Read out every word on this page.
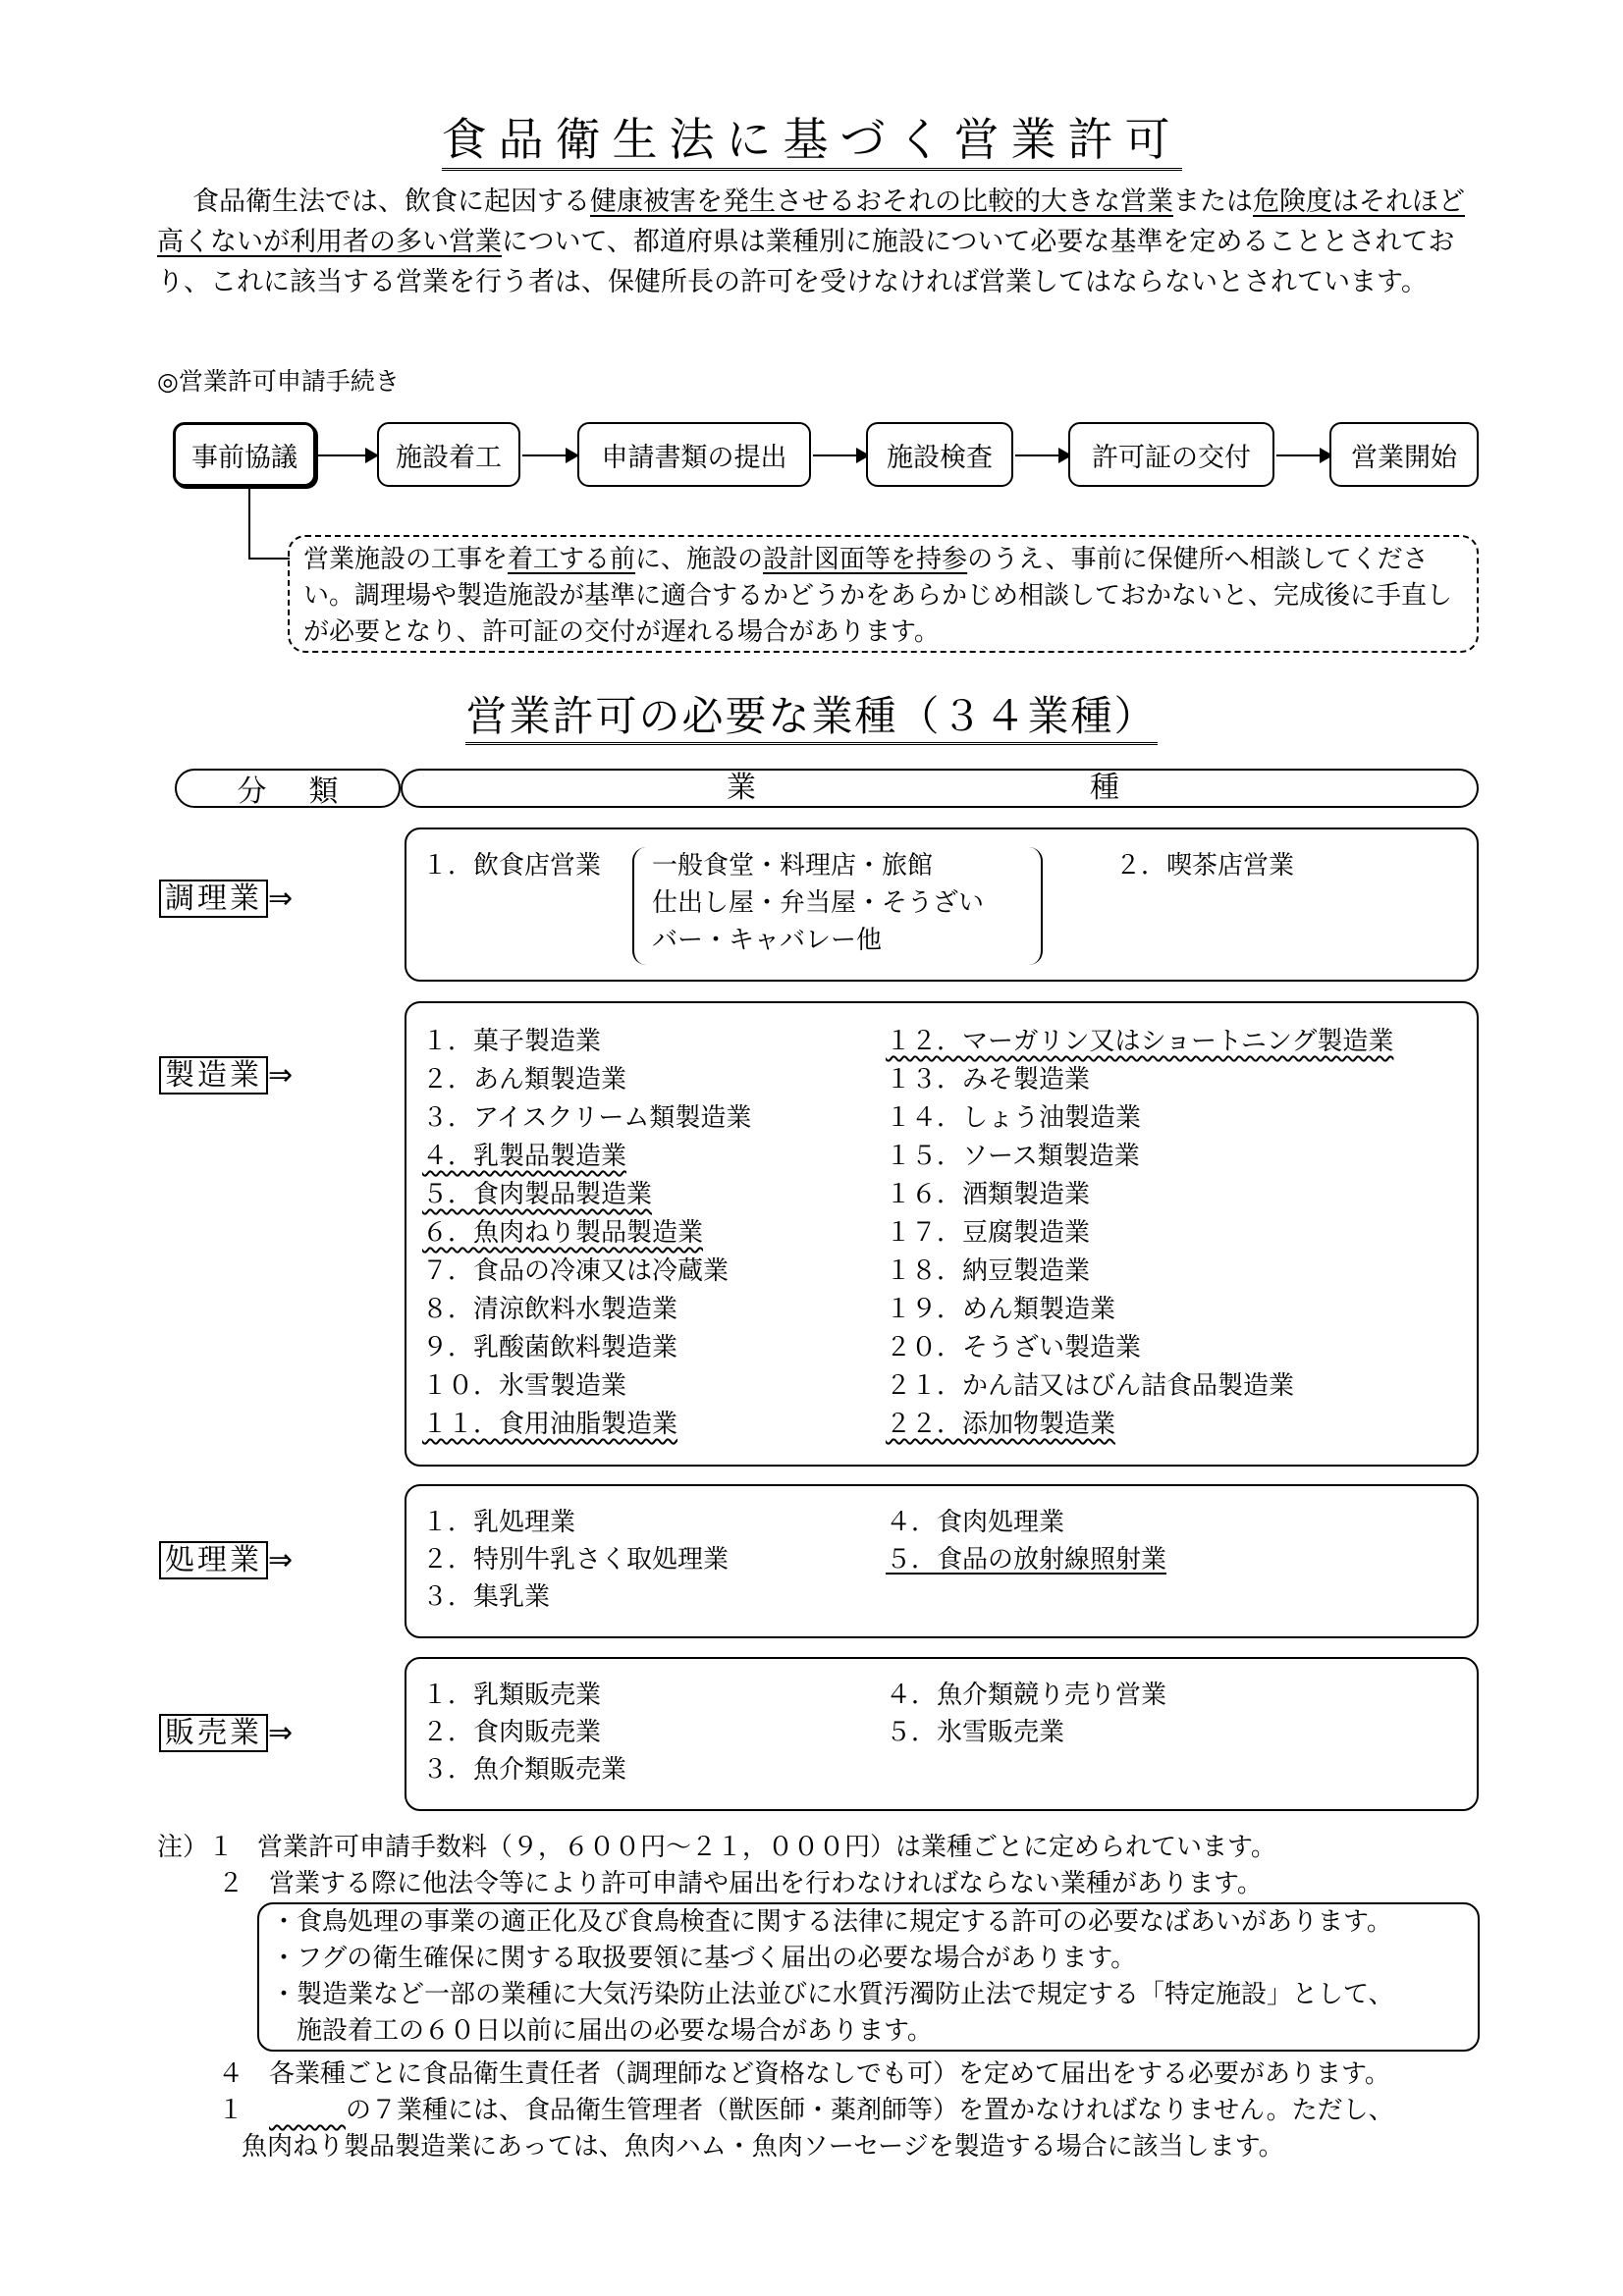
食品衛生法に基づく営業許可
食品衛生法では、飲食に起因する健康被害を発生させるおそれの比較的大きな営業または危険度はそれほど高くないが利用者の多い営業について、都道府県は業種別に施設について必要な基準を定めることとされており、これに該当する営業を行う者は、保健所長の許可を受けなければ営業してはならないとされています。
◎営業許可申請手続き
事前協議	施設着工	申請書類の提出	施設検査	許可証の交付	営業開始
営業施設の工事を着工する前に、施設の設計図面等を持参のうえ、事前に保健所へ相談してください。調理場や製造施設が基準に適合するかどうかをあらかじめ相談しておかないと、完成後に手直しが必要となり、許可証の交付が遅れる場合があります。
営業許可の必要な業種（３４業種）
分 類	業	種
調理業 ⇒
１．飲食店営業 一般食堂・料理店・旅館
仕出し屋・弁当屋・そうざい
バー・キャバレー他
２．喫茶店営業
製造業 ⇒
１．菓子製造業
２．あん類製造業
３．アイスクリーム類製造業
４．乳製品製造業
５．食肉製品製造業
６．魚肉ねり製品製造業
７．食品の冷凍又は冷蔵業
８．清涼飲料水製造業
９．乳酸菌飲料製造業
１０．氷雪製造業
１１．食用油脂製造業
１２．マーガリン又はショートニング製造業
１３．みそ製造業
１４．しょう油製造業
１５．ソース類製造業
１６．酒類製造業
１７．豆腐製造業
１８．納豆製造業
１９．めん類製造業
２０．そうざい製造業
２１．かん詰又はびん詰食品製造業
２２．添加物製造業
処理業 ⇒
１．乳処理業
２．特別牛乳さく取処理業
３．集乳業
４．食肉処理業
５．食品の放射線照射業
販売業 ⇒
１．乳類販売業
２．食肉販売業
３．魚介類販売業
４．魚介類競り売り営業
５．氷雪販売業
注）１ 営業許可申請手数料（９，６００円～２１，０００円）は業種ごとに定められています。
２ 営業する際に他法令等により許可申請や届出を行わなければならない業種があります。
・食鳥処理の事業の適正化及び食鳥検査に関する法律に規定する許可の必要なばあいがあります。
・フグの衛生確保に関する取扱要領に基づく届出の必要な場合があります。
・製造業など一部の業種に大気汚染防止法並びに水質汚濁防止法で規定する「特定施設」として、
施設着工の６０日以前に届出の必要な場合があります。
４ 各業種ごとに食品衛生責任者（調理師など資格なしでも可）を定めて届出をする必要があります。
１　　　	の７業種には、食品衛生管理者（獣医師・薬剤師等）を置かなければなりません。ただし、
魚肉ねり製品製造業にあっては、魚肉ハム・魚肉ソーセージを製造する場合に該当します。
